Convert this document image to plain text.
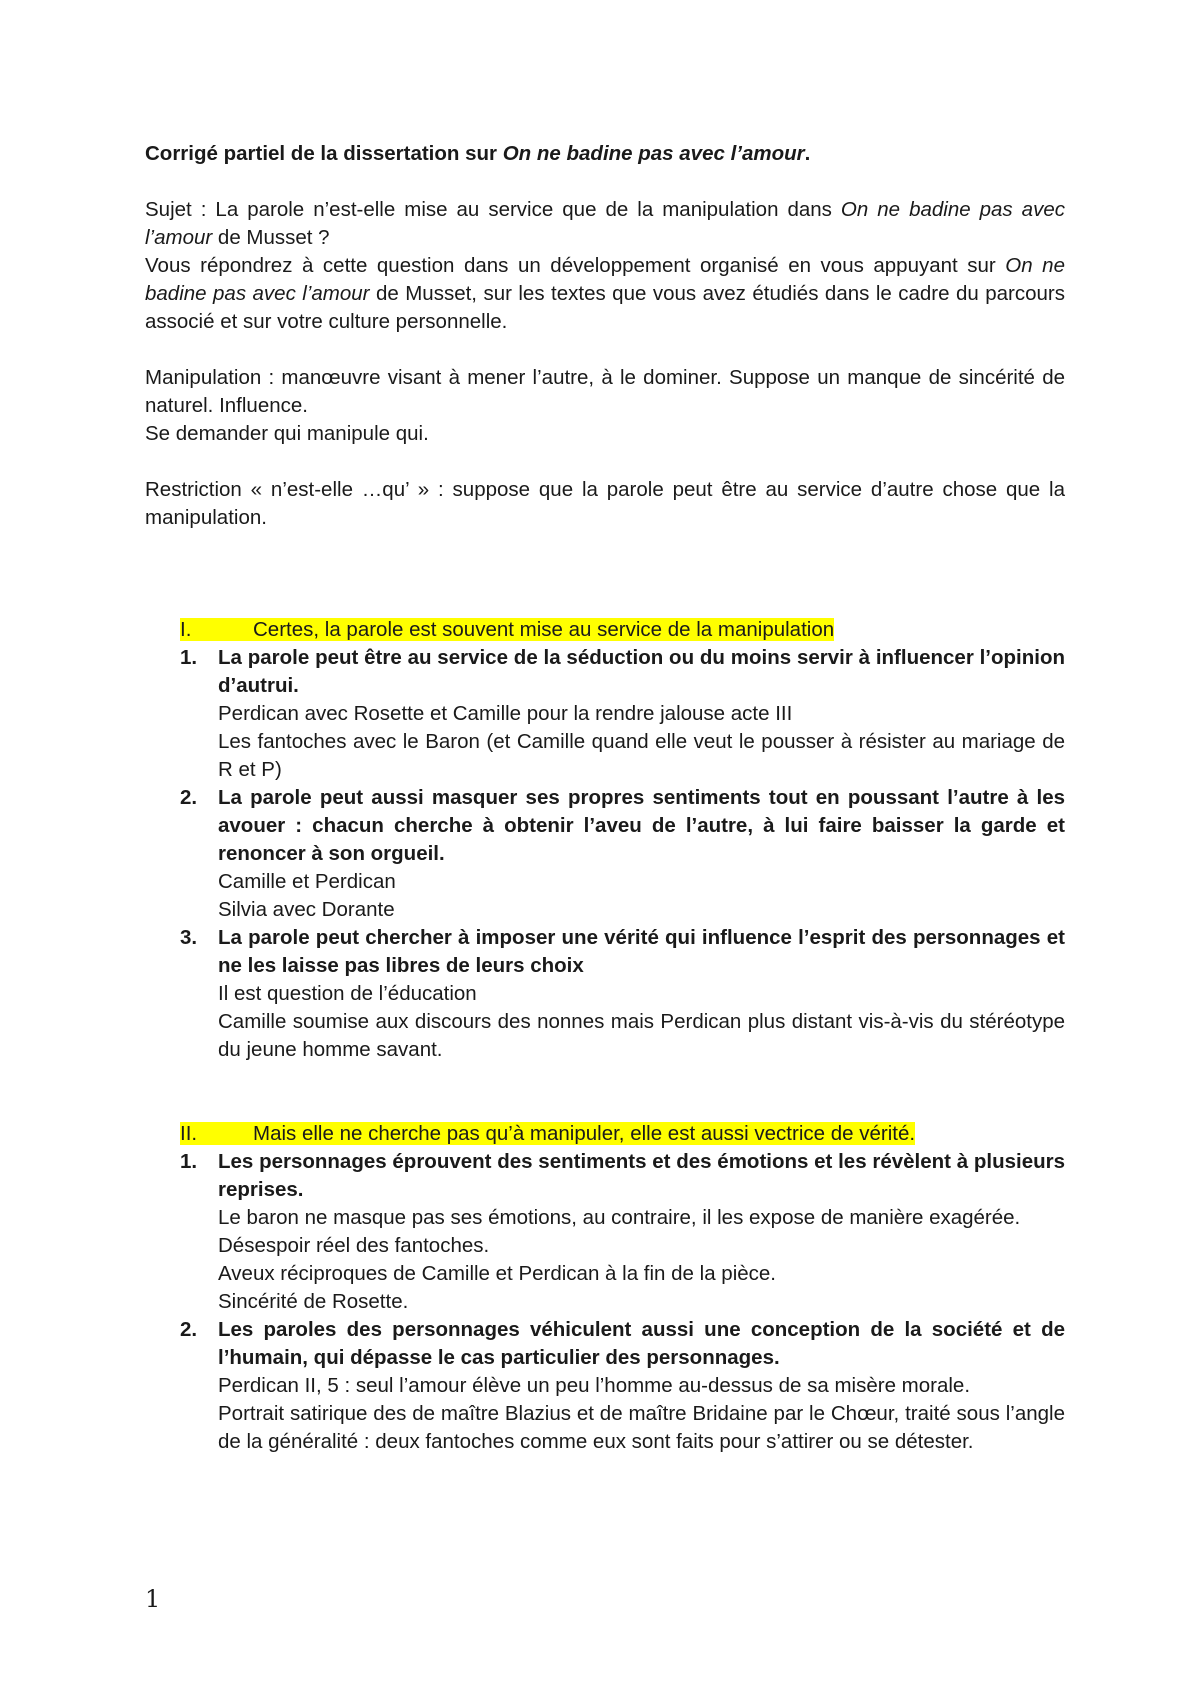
Corrigé partiel de la dissertation sur On ne badine pas avec l’amour.

Sujet : La parole n’est-elle mise au service que de la manipulation dans On ne badine pas avec l’amour de Musset ?

Vous répondrez à cette question dans un développement organisé en vous appuyant sur On ne badine pas avec l’amour de Musset, sur les textes que vous avez étudiés dans le cadre du parcours associé et sur votre culture personnelle.

Manipulation : manœuvre visant à mener l’autre, à le dominer. Suppose un manque de sincérité de naturel. Influence.

Se demander qui manipule qui.

Restriction « n’est-elle …qu’ » : suppose que la parole peut être au service d’autre chose que la manipulation.

I.	Certes, la parole est souvent mise au service de la manipulation

1. La parole peut être au service de la séduction ou du moins servir à influencer l’opinion d’autrui.

Perdican avec Rosette et Camille pour la rendre jalouse acte III

Les fantoches avec le Baron (et Camille quand elle veut le pousser à résister au mariage de R et P)

2. La parole peut aussi masquer ses propres sentiments tout en poussant l’autre à les avouer : chacun cherche à obtenir l’aveu de l’autre, à lui faire baisser la garde et renoncer à son orgueil.

Camille et Perdican

Silvia avec Dorante

3. La parole peut chercher à imposer une vérité qui influence l’esprit des personnages et ne les laisse pas libres de leurs choix

Il est question de l’éducation

Camille soumise aux discours des nonnes mais Perdican plus distant vis-à-vis du stéréotype du jeune homme savant.

II.	Mais elle ne cherche pas qu’à manipuler, elle est aussi vectrice de vérité.

1. Les personnages éprouvent des sentiments et des émotions et les révèlent à plusieurs reprises.

Le baron ne masque pas ses émotions, au contraire, il les expose de manière exagérée.

Désespoir réel des fantoches.

Aveux réciproques de Camille et Perdican à la fin de la pièce.

Sincérité de Rosette.

2. Les paroles des personnages véhiculent aussi une conception de la société et de l’humain, qui dépasse le cas particulier des personnages.

Perdican II, 5 : seul l’amour élève un peu l’homme au-dessus de sa misère morale.

Portrait satirique des de maître Blazius et de maître Bridaine par le Chœur, traité sous l’angle de la généralité : deux fantoches comme eux sont faits pour s’attirer ou se détester.

1
